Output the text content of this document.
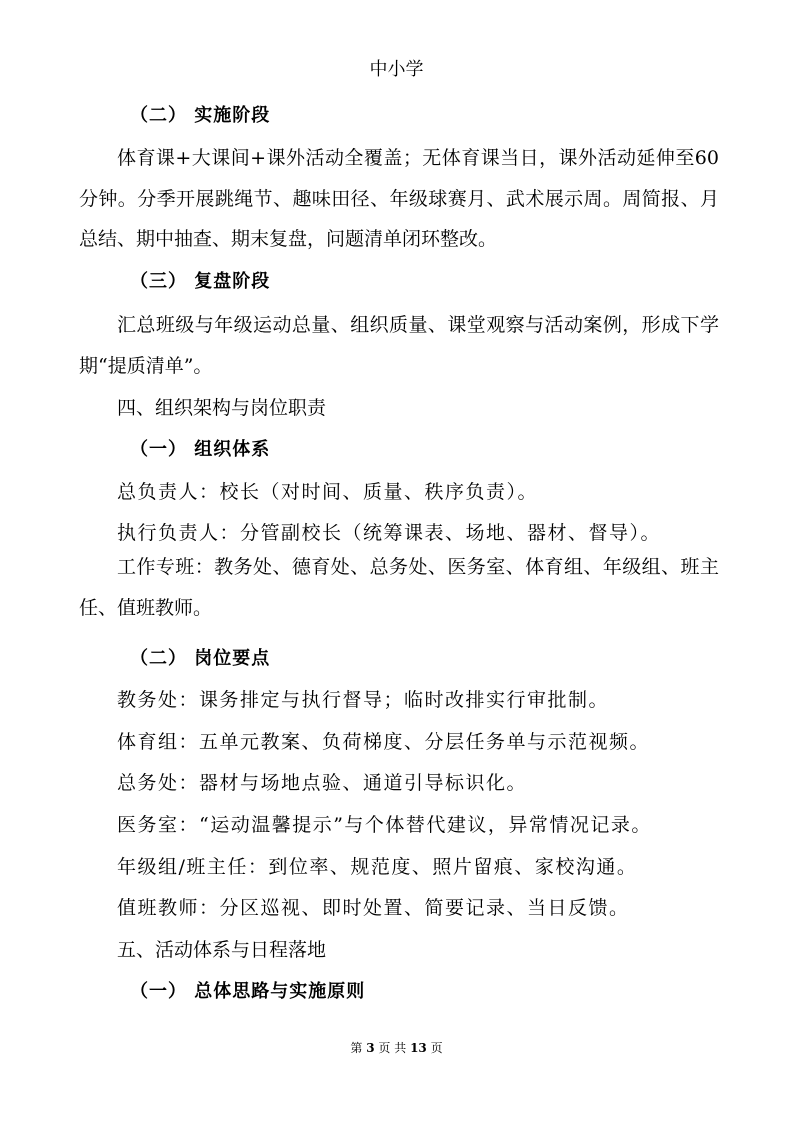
中小学
（二） 实施阶段

体育课+大课间+课外活动全覆盖；无体育课当日，课外活动延伸至60分钟。分季开展跳绳节、趣味田径、年级球赛月、武术展示周。周简报、月总结、期中抽查、期末复盘，问题清单闭环整改。

（三） 复盘阶段

汇总班级与年级运动总量、组织质量、课堂观察与活动案例，形成下学期“提质清单”。

四、组织架构与岗位职责
（一） 组织体系
总负责人：校长（对时间、质量、秩序负责）。
执行负责人：分管副校长（统筹课表、场地、器材、督导）。

工作专班：教务处、德育处、总务处、医务室、体育组、年级组、班主任、值班教师。

（二） 岗位要点
教务处：课务排定与执行督导；临时改排实行审批制。
体育组：五单元教案、负荷梯度、分层任务单与示范视频。
总务处：器材与场地点验、通道引导标识化。
医务室：“运动温馨提示”与个体替代建议，异常情况记录。
年级组/班主任：到位率、规范度、照片留痕、家校沟通。
值班教师：分区巡视、即时处置、简要记录、当日反馈。
五、活动体系与日程落地
（一） 总体思路与实施原则
第 3 页 共 13 页
